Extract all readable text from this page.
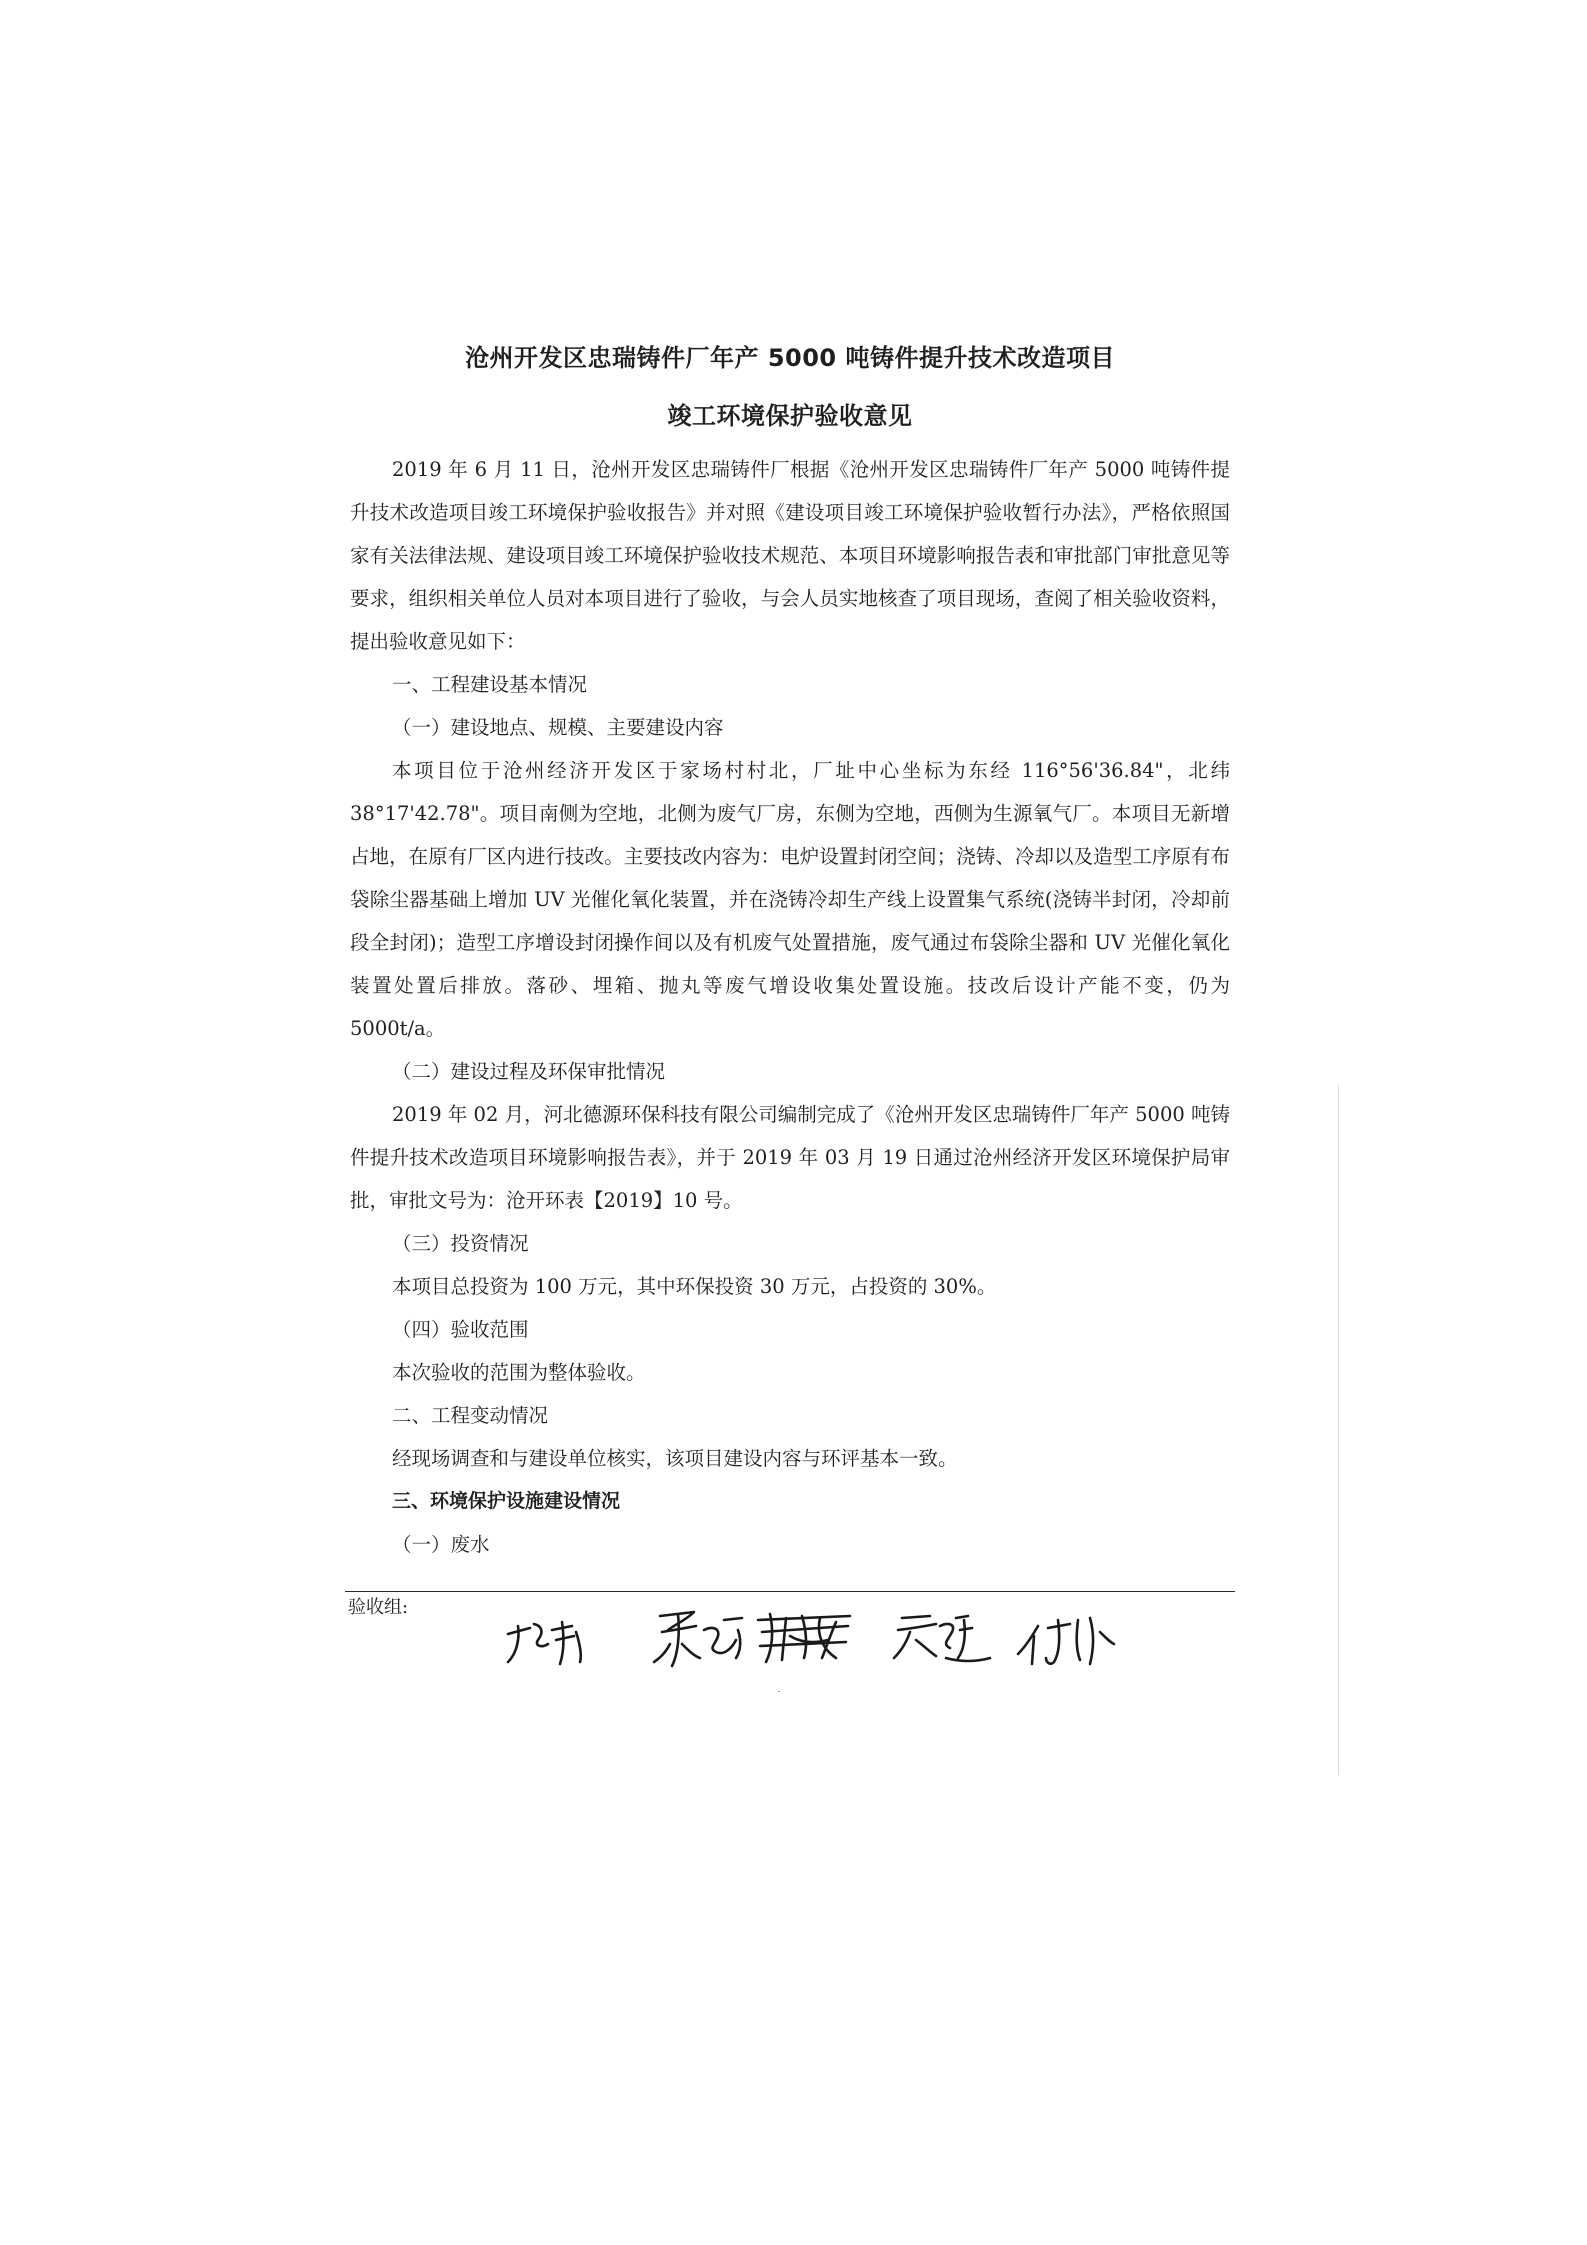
沧州开发区忠瑞铸件厂年产 5000 吨铸件提升技术改造项目
竣工环境保护验收意见

2019 年 6 月 11 日，沧州开发区忠瑞铸件厂根据《沧州开发区忠瑞铸件厂年产 5000 吨铸件提升技术改造项目竣工环境保护验收报告》并对照《建设项目竣工环境保护验收暂行办法》，严格依照国家有关法律法规、建设项目竣工环境保护验收技术规范、本项目环境影响报告表和审批部门审批意见等要求，组织相关单位人员对本项目进行了验收，与会人员实地核查了项目现场，查阅了相关验收资料，提出验收意见如下：

一、工程建设基本情况

（一）建设地点、规模、主要建设内容

本项目位于沧州经济开发区于家场村村北，厂址中心坐标为东经 116°56'36.84"，北纬 38°17'42.78"。项目南侧为空地，北侧为废气厂房，东侧为空地，西侧为生源氧气厂。本项目无新增占地，在原有厂区内进行技改。主要技改内容为：电炉设置封闭空间；浇铸、冷却以及造型工序原有布袋除尘器基础上增加 UV 光催化氧化装置，并在浇铸冷却生产线上设置集气系统(浇铸半封闭，冷却前段全封闭)；造型工序增设封闭操作间以及有机废气处置措施，废气通过布袋除尘器和 UV 光催化氧化装置处置后排放。落砂、埋箱、抛丸等废气增设收集处置设施。技改后设计产能不变，仍为 5000t/a。

（二）建设过程及环保审批情况

2019 年 02 月，河北德源环保科技有限公司编制完成了《沧州开发区忠瑞铸件厂年产 5000 吨铸件提升技术改造项目环境影响报告表》，并于 2019 年 03 月 19 日通过沧州经济开发区环境保护局审批，审批文号为：沧开环表【2019】10 号。

（三）投资情况

本项目总投资为 100 万元，其中环保投资 30 万元，占投资的 30%。

（四）验收范围

本次验收的范围为整体验收。

二、工程变动情况

经现场调查和与建设单位核实，该项目建设内容与环评基本一致。

三、环境保护设施建设情况

（一）废水

验收组:
